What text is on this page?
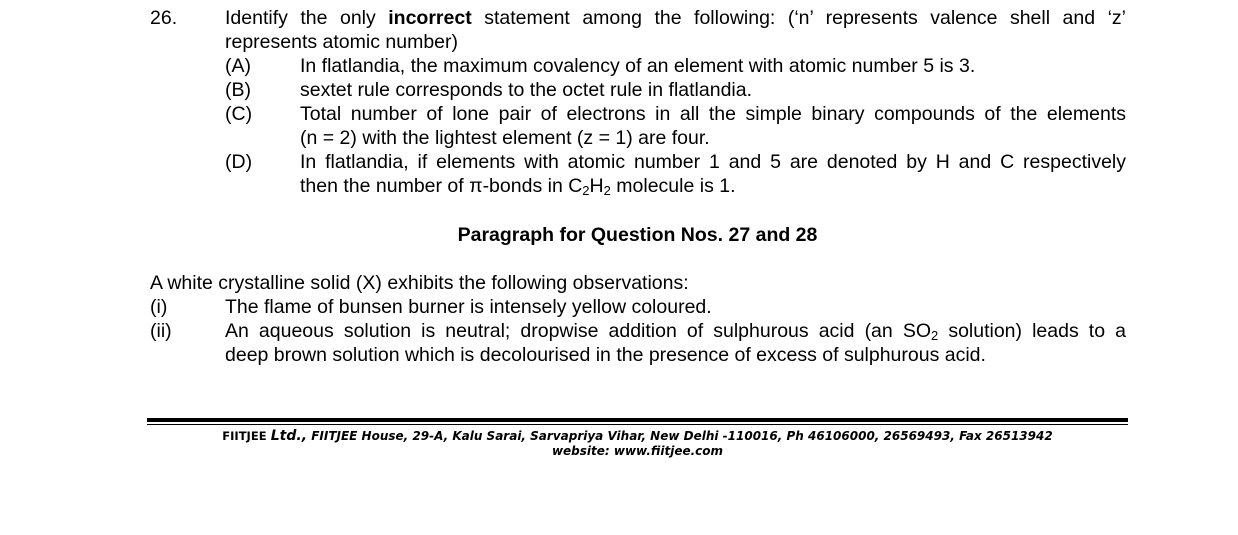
26. Identify the only incorrect statement among the following: (‘n’ represents valence shell and ‘z’
represents atomic number)
(A)	In flatlandia, the maximum covalency of an element with atomic number 5 is 3.
(B)	sextet rule corresponds to the octet rule in flatlandia.
(C) Total number of lone pair of electrons in all the simple binary compounds of the elements
(n = 2) with the lightest element (z = 1) are four.
(D) In flatlandia, if elements with atomic number 1 and 5 are denoted by H and C respectively
then the number of π-bonds in $C_2H_2$ molecule is 1.
Paragraph for Question Nos. 27 and 28
A white crystalline solid (X) exhibits the following observations:
(i)	The flame of bunsen burner is intensely yellow coloured.
(ii)	An aqueous solution is neutral; dropwise addition of sulphurous acid (an $SO_2$ solution) leads to a
deep brown solution which is decolourised in the presence of excess of sulphurous acid.
FIITJEE Ltd., FIITJEE House, 29-A, Kalu Sarai, Sarvapriya Vihar, New Delhi -110016, Ph 46106000, 26569493, Fax 26513942
website: www.fiitjee.com
